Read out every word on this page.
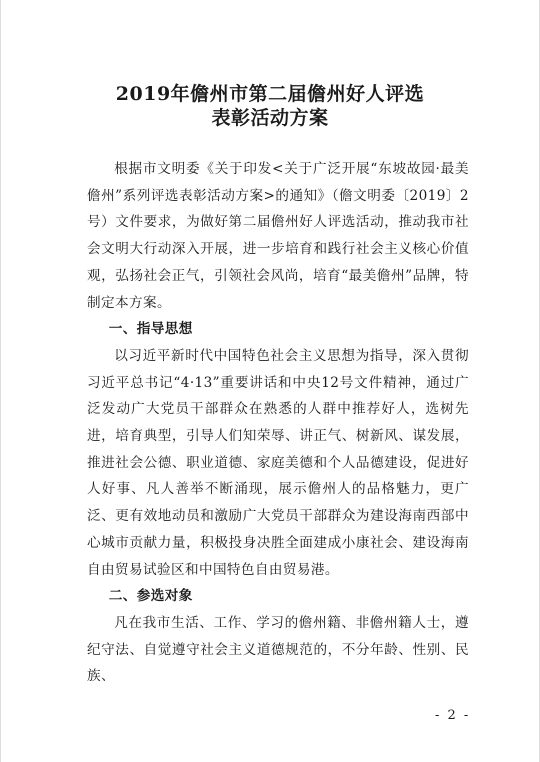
2019年儋州市第二届儋州好人评选
表彰活动方案

根据市文明委《关于印发<关于广泛开展“东坡故园·最美儋州”系列评选表彰活动方案>的通知》（儋文明委〔2019〕2号）文件要求，为做好第二届儋州好人评选活动，推动我市社会文明大行动深入开展，进一步培育和践行社会主义核心价值观，弘扬社会正气，引领社会风尚，培育“最美儋州”品牌，特制定本方案。

一、指导思想

以习近平新时代中国特色社会主义思想为指导，深入贯彻习近平总书记“4·13”重要讲话和中央12号文件精神，通过广泛发动广大党员干部群众在熟悉的人群中推荐好人，选树先进，培育典型，引导人们知荣辱、讲正气、树新风、谋发展，推进社会公德、职业道德、家庭美德和个人品德建设，促进好人好事、凡人善举不断涌现，展示儋州人的品格魅力，更广泛、更有效地动员和激励广大党员干部群众为建设海南西部中心城市贡献力量，积极投身决胜全面建成小康社会、建设海南自由贸易试验区和中国特色自由贸易港。

二、参选对象

凡在我市生活、工作、学习的儋州籍、非儋州籍人士，遵纪守法、自觉遵守社会主义道德规范的，不分年龄、性别、民族、

- 2 -
